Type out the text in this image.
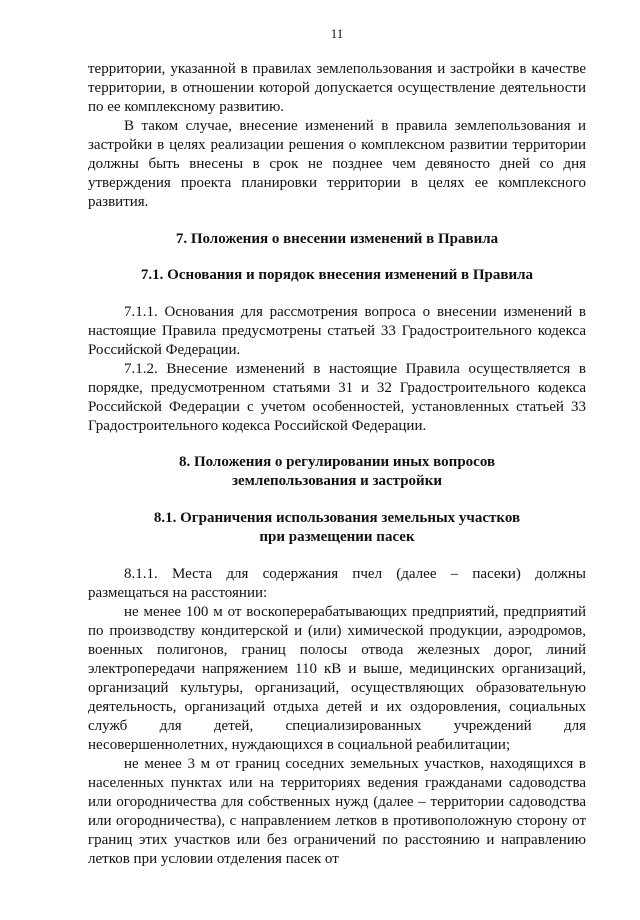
11

территории, указанной в правилах землепользования и застройки в качестве территории, в отношении которой допускается осуществление деятельности по ее комплексному развитию.

В таком случае, внесение изменений в правила землепользования и застройки в целях реализации решения о комплексном развитии территории должны быть внесены в срок не позднее чем девяносто дней со дня утверждения проекта планировки территории в целях ее комплексного развития.

7. Положения о внесении изменений в Правила
7.1. Основания и порядок внесения изменений в Правила

7.1.1. Основания для рассмотрения вопроса о внесении изменений в настоящие Правила предусмотрены статьей 33 Градостроительного кодекса Российской Федерации.

7.1.2. Внесение изменений в настоящие Правила осуществляется в порядке, предусмотренном статьями 31 и 32 Градостроительного кодекса Российской Федерации с учетом особенностей, установленных статьей 33 Градостроительного кодекса Российской Федерации.

8. Положения о регулировании иных вопросов
землепользования и застройки
8.1. Ограничения использования земельных участков
при размещении пасек

8.1.1. Места для содержания пчел (далее – пасеки) должны размещаться на расстоянии:

не менее 100 м от воскоперерабатывающих предприятий, предприятий по производству кондитерской и (или) химической продукции, аэродромов, военных полигонов, границ полосы отвода железных дорог, линий электропередачи напряжением 110 кВ и выше, медицинских организаций, организаций культуры, организаций, осуществляющих образовательную деятельность, организаций отдыха детей и их оздоровления, социальных служб для детей, специализированных учреждений для несовершеннолетних, нуждающихся в социальной реабилитации;

не менее 3 м от границ соседних земельных участков, находящихся в населенных пунктах или на территориях ведения гражданами садоводства или огородничества для собственных нужд (далее – территории садоводства или огородничества), с направлением летков в противоположную сторону от границ этих участков или без ограничений по расстоянию и направлению летков при условии отделения пасек от
